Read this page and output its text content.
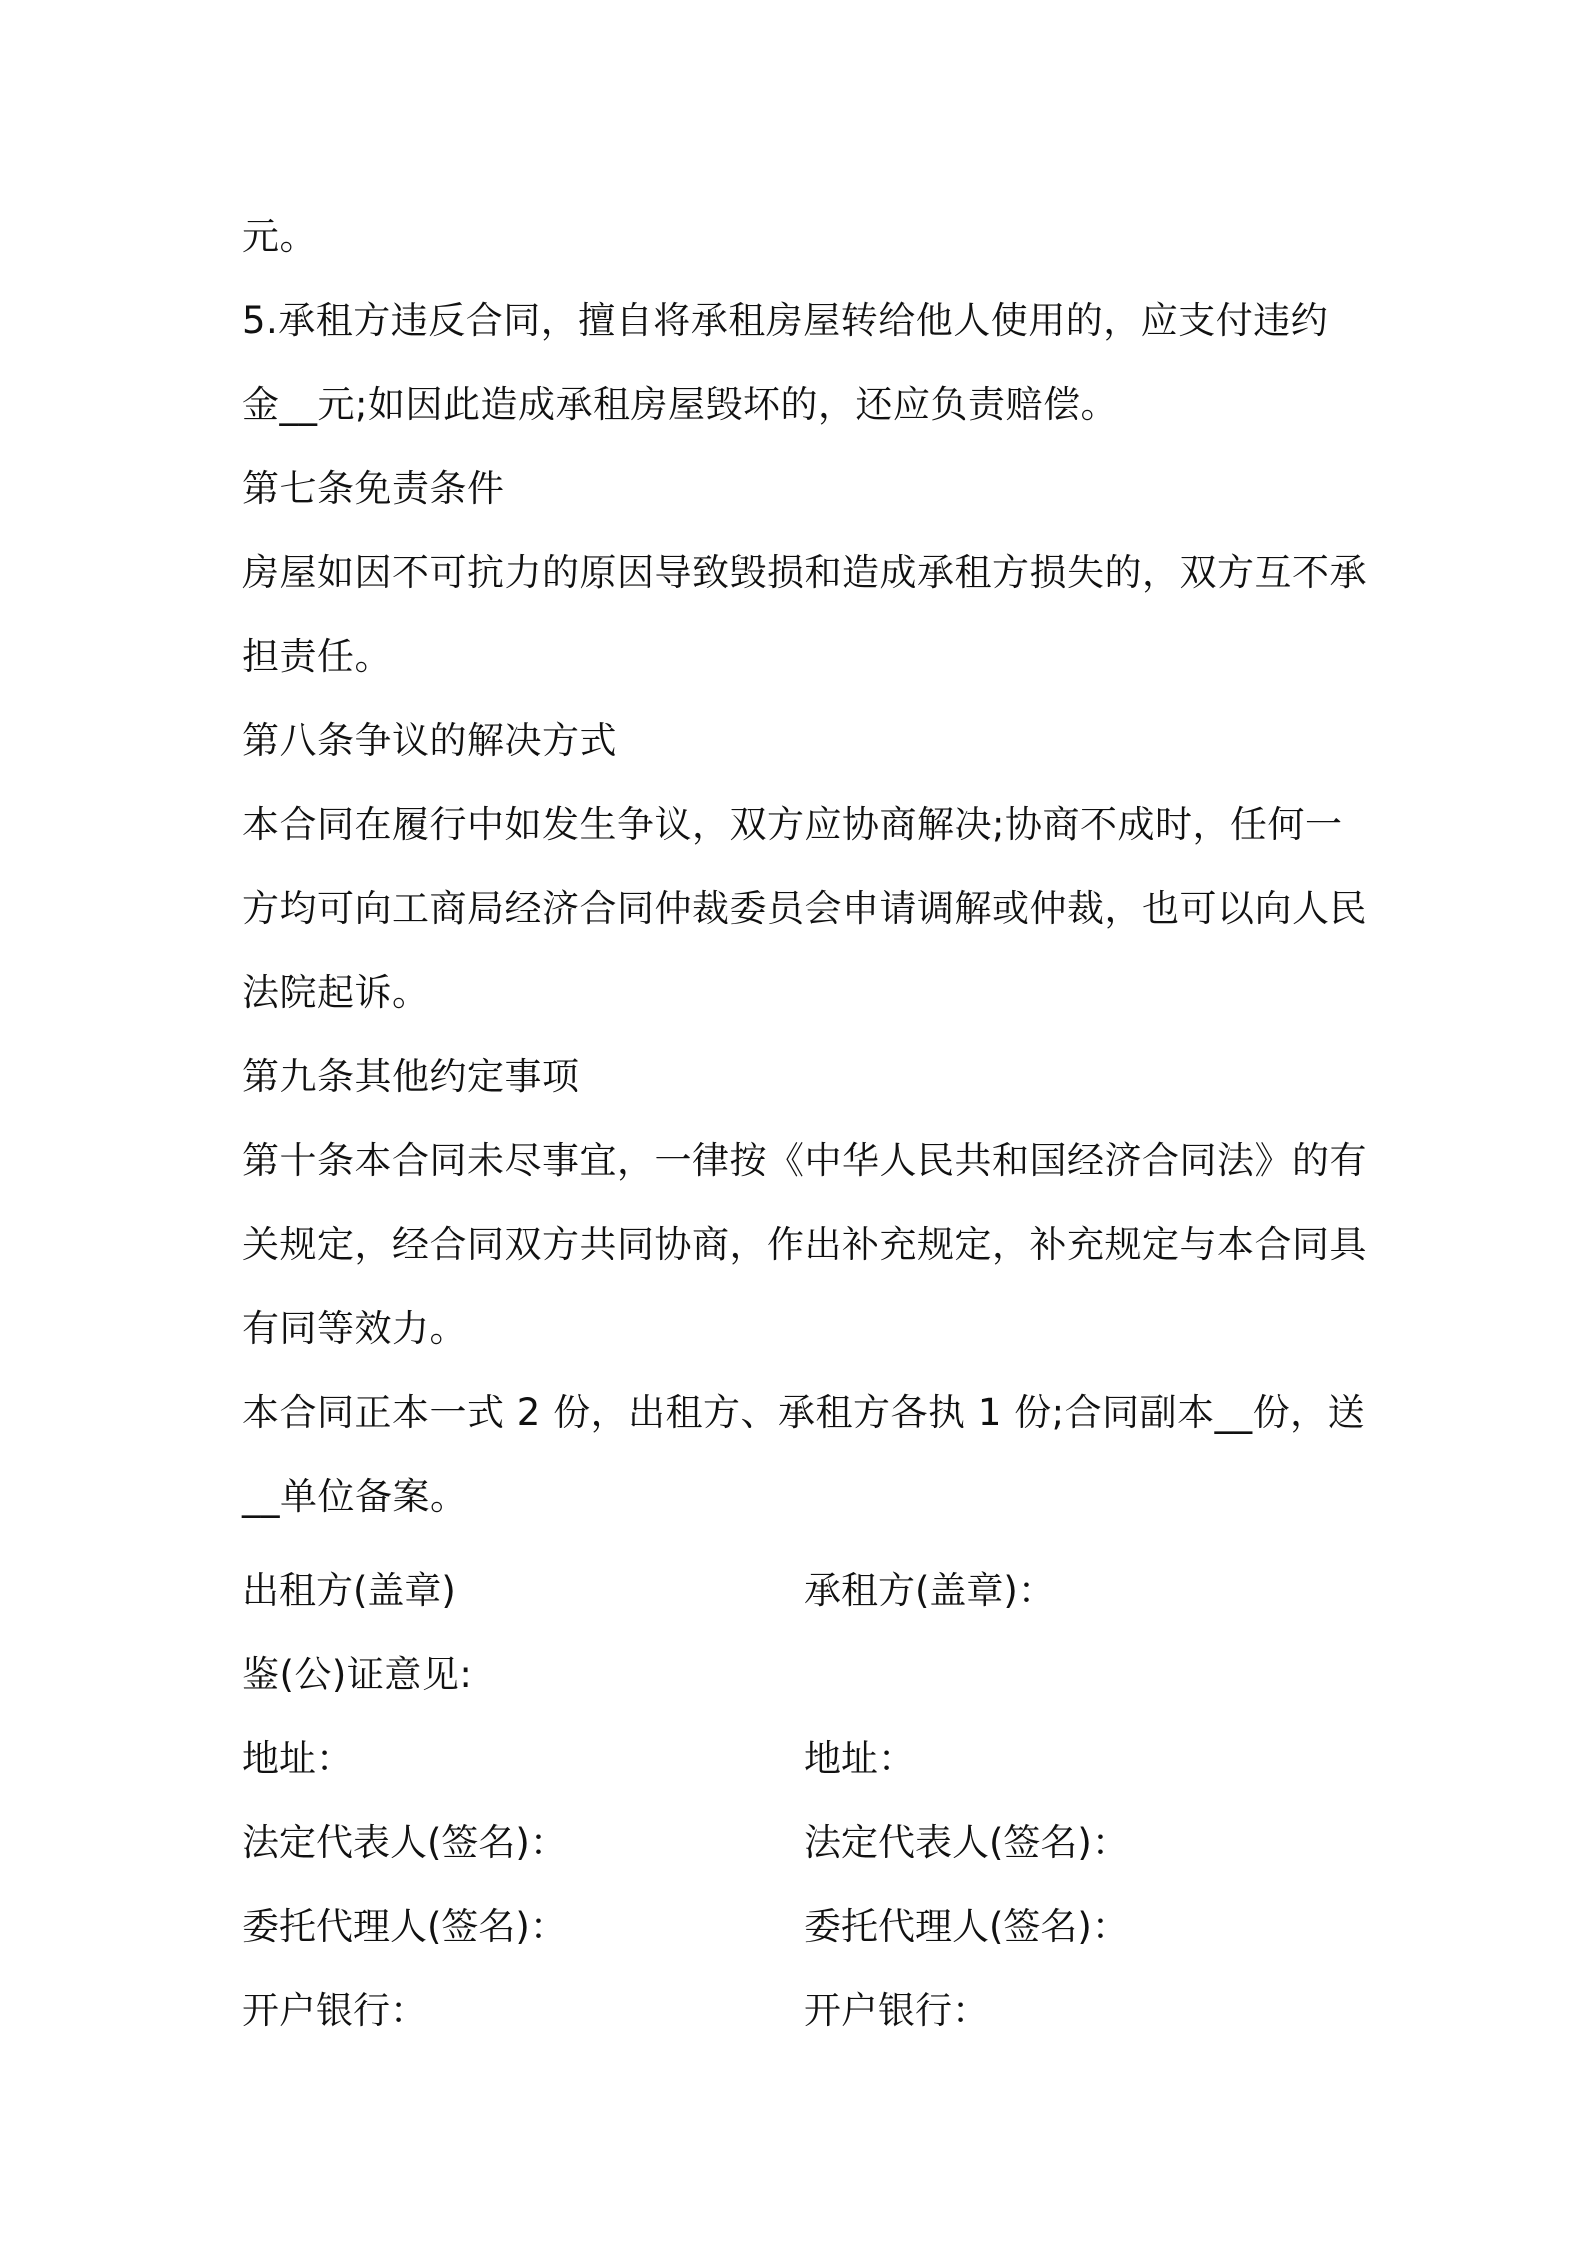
元。
5.承租方违反合同，擅自将承租房屋转给他人使用的，应支付违约
金__元;如因此造成承租房屋毁坏的，还应负责赔偿。
第七条免责条件
房屋如因不可抗力的原因导致毁损和造成承租方损失的，双方互不承
担责任。
第八条争议的解决方式
本合同在履行中如发生争议，双方应协商解决;协商不成时，任何一
方均可向工商局经济合同仲裁委员会申请调解或仲裁，也可以向人民
法院起诉。
第九条其他约定事项
第十条本合同未尽事宜，一律按《中华人民共和国经济合同法》的有
关规定，经合同双方共同协商，作出补充规定，补充规定与本合同具
有同等效力。
本合同正本一式 2 份，出租方、承租方各执 1 份;合同副本__份，送
__单位备案。
出租方(盖章)	承租方(盖章)：
鉴(公)证意见:
地址：	地址：
法定代表人(签名)：	法定代表人(签名)：
委托代理人(签名)：	委托代理人(签名)：
开户银行：	开户银行：
